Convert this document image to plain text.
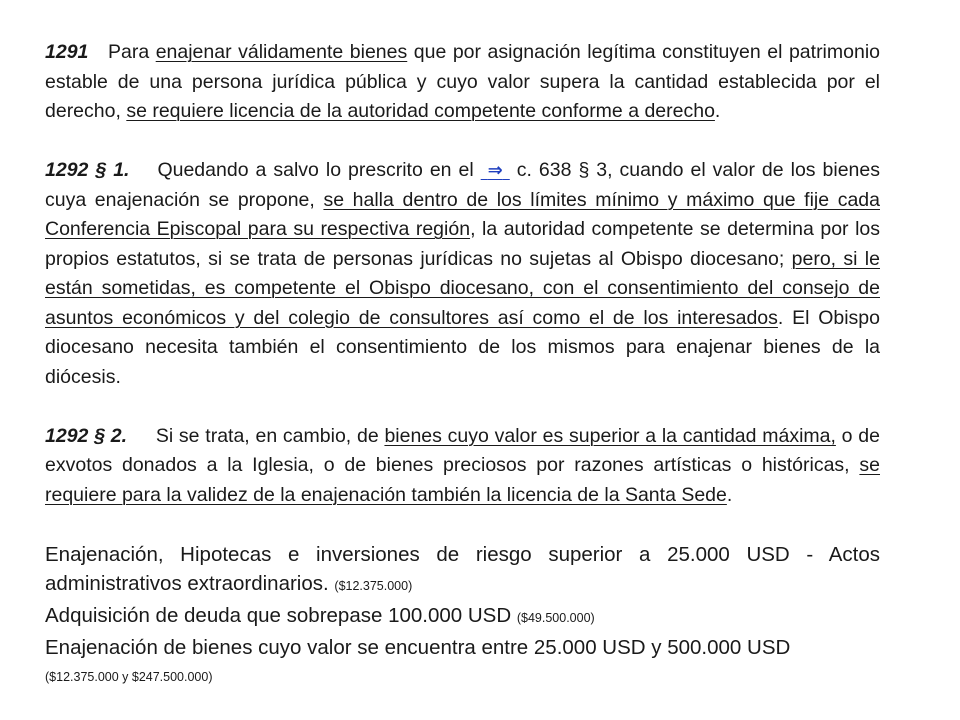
1291 Para enajenar válidamente bienes que por asignación legítima constituyen el patrimonio estable de una persona jurídica pública y cuyo valor supera la cantidad establecida por el derecho, se requiere licencia de la autoridad competente conforme a derecho.

1292 § 1. Quedando a salvo lo prescrito en el  ⇒  c. 638 § 3, cuando el valor de los bienes cuya enajenación se propone, se halla dentro de los límites mínimo y máximo que fije cada Conferencia Episcopal para su respectiva región, la autoridad competente se determina por los propios estatutos, si se trata de personas jurídicas no sujetas al Obispo diocesano; pero, si le están sometidas, es competente el Obispo diocesano, con el consentimiento del consejo de asuntos económicos y del colegio de consultores así como el de los interesados. El Obispo diocesano necesita también el consentimiento de los mismos para enajenar bienes de la diócesis.

1292 § 2. Si se trata, en cambio, de bienes cuyo valor es superior a la cantidad máxima, o de exvotos donados a la Iglesia, o de bienes preciosos por razones artísticas o históricas, se requiere para la validez de la enajenación también la licencia de la Santa Sede.

Enajenación, Hipotecas e inversiones de riesgo superior a 25.000 USD - Actos administrativos extraordinarios. ($12.375.000)

Adquisición de deuda que sobrepase 100.000 USD ($49.500.000)

Enajenación de bienes cuyo valor se encuentra entre 25.000 USD y 500.000 USD

($12.375.000 y $247.500.000)
